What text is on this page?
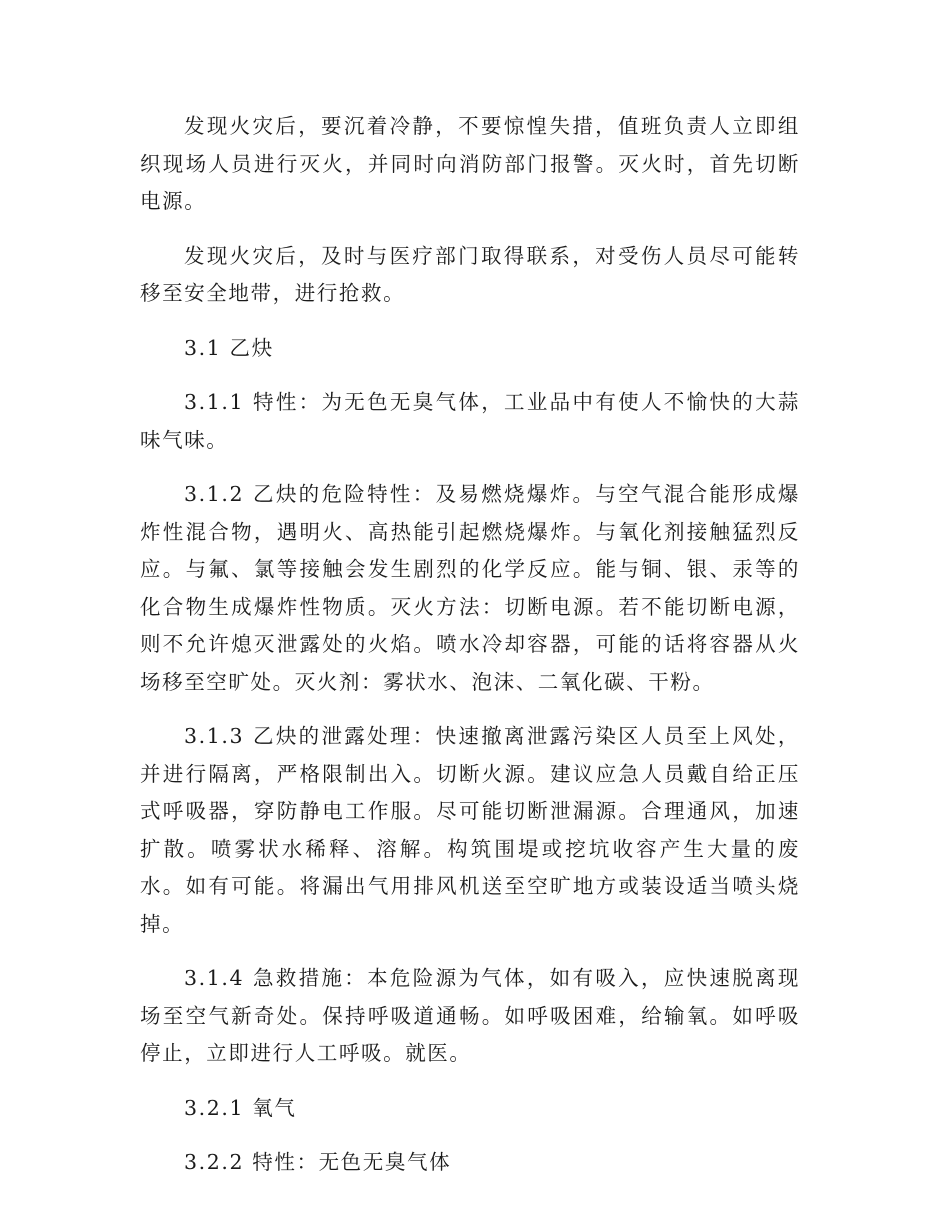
发现火灾后，要沉着冷静，不要惊惶失措，值班负责人立即组织现场人员进行灭火，并同时向消防部门报警。灭火时，首先切断电源。

发现火灾后，及时与医疗部门取得联系，对受伤人员尽可能转移至安全地带，进行抢救。

3.1 乙炔

3.1.1 特性：为无色无臭气体，工业品中有使人不愉快的大蒜味气味。

3.1.2 乙炔的危险特性：及易燃烧爆炸。与空气混合能形成爆炸性混合物，遇明火、高热能引起燃烧爆炸。与氧化剂接触猛烈反应。与氟、氯等接触会发生剧烈的化学反应。能与铜、银、汞等的化合物生成爆炸性物质。灭火方法：切断电源。若不能切断电源，则不允许熄灭泄露处的火焰。喷水冷却容器，可能的话将容器从火场移至空旷处。灭火剂：雾状水、泡沫、二氧化碳、干粉。

3.1.3 乙炔的泄露处理：快速撤离泄露污染区人员至上风处，并进行隔离，严格限制出入。切断火源。建议应急人员戴自给正压式呼吸器，穿防静电工作服。尽可能切断泄漏源。合理通风，加速扩散。喷雾状水稀释、溶解。构筑围堤或挖坑收容产生大量的废水。如有可能。将漏出气用排风机送至空旷地方或装设适当喷头烧掉。

3.1.4 急救措施：本危险源为气体，如有吸入，应快速脱离现场至空气新奇处。保持呼吸道通畅。如呼吸困难，给输氧。如呼吸停止，立即进行人工呼吸。就医。

3.2.1 氧气

3.2.2 特性：无色无臭气体
